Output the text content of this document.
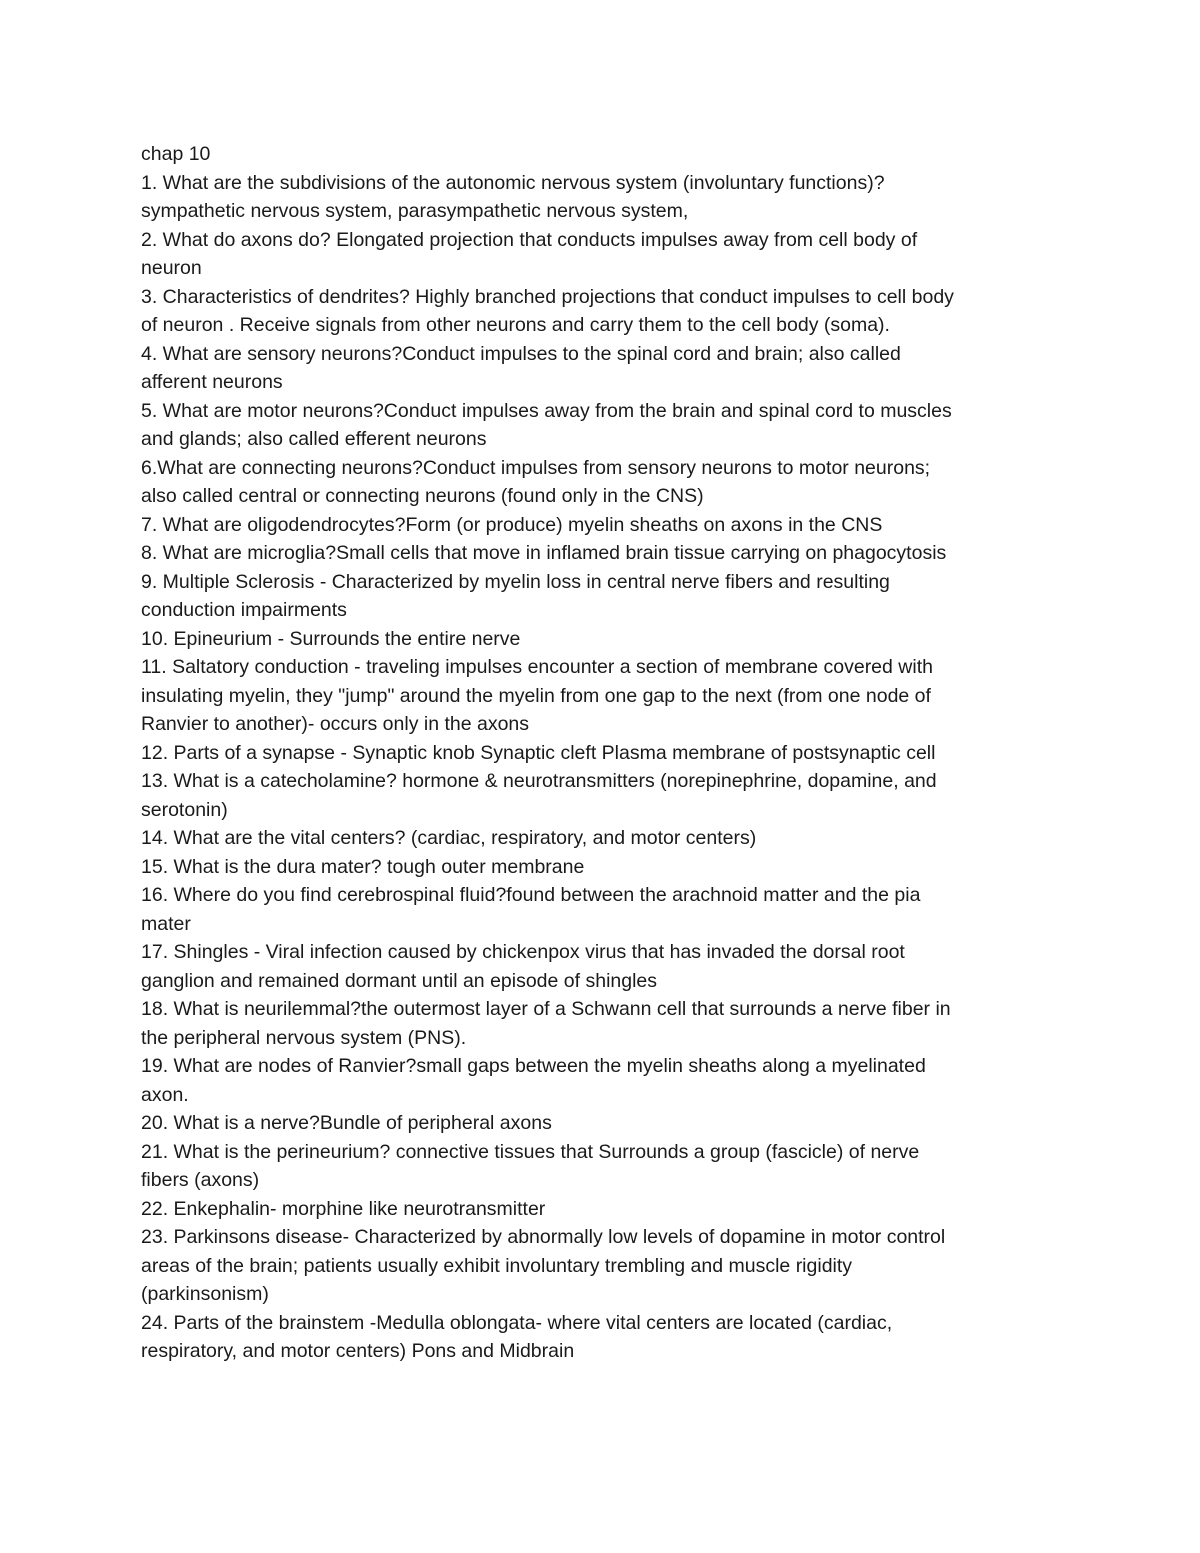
chap 10
1. What are the subdivisions of the autonomic nervous system (involuntary functions)?
sympathetic nervous system, parasympathetic nervous system,
2. What do axons do? Elongated projection that conducts impulses away from cell body of
neuron
3. Characteristics of dendrites? Highly branched projections that conduct impulses to cell body
of neuron . Receive signals from other neurons and carry them to the cell body (soma).
4. What are sensory neurons?Conduct impulses to the spinal cord and brain; also called
afferent neurons
5. What are motor neurons?Conduct impulses away from the brain and spinal cord to muscles
and glands; also called efferent neurons
6.What are connecting neurons?Conduct impulses from sensory neurons to motor neurons;
also called central or connecting neurons (found only in the CNS)
7. What are oligodendrocytes?Form (or produce) myelin sheaths on axons in the CNS
8. What are microglia?Small cells that move in inflamed brain tissue carrying on phagocytosis
9. Multiple Sclerosis - Characterized by myelin loss in central nerve fibers and resulting
conduction impairments
10. Epineurium - Surrounds the entire nerve
11. Saltatory conduction - traveling impulses encounter a section of membrane covered with
insulating myelin, they "jump" around the myelin from one gap to the next (from one node of
Ranvier to another)- occurs only in the axons
12. Parts of a synapse - Synaptic knob Synaptic cleft Plasma membrane of postsynaptic cell
13. What is a catecholamine? hormone & neurotransmitters (norepinephrine, dopamine, and
serotonin)
14. What are the vital centers? (cardiac, respiratory, and motor centers)
15. What is the dura mater? tough outer membrane
16. Where do you find cerebrospinal fluid?found between the arachnoid matter and the pia
mater
17. Shingles - Viral infection caused by chickenpox virus that has invaded the dorsal root
ganglion and remained dormant until an episode of shingles
18. What is neurilemmal?the outermost layer of a Schwann cell that surrounds a nerve fiber in
the peripheral nervous system (PNS).
19. What are nodes of Ranvier?small gaps between the myelin sheaths along a myelinated
axon.
20. What is a nerve?Bundle of peripheral axons
21. What is the perineurium? connective tissues that Surrounds a group (fascicle) of nerve
fibers (axons)
22. Enkephalin- morphine like neurotransmitter
23. Parkinsons disease- Characterized by abnormally low levels of dopamine in motor control
areas of the brain; patients usually exhibit involuntary trembling and muscle rigidity
(parkinsonism)
24. Parts of the brainstem -Medulla oblongata- where vital centers are located (cardiac,
respiratory, and motor centers) Pons and Midbrain
